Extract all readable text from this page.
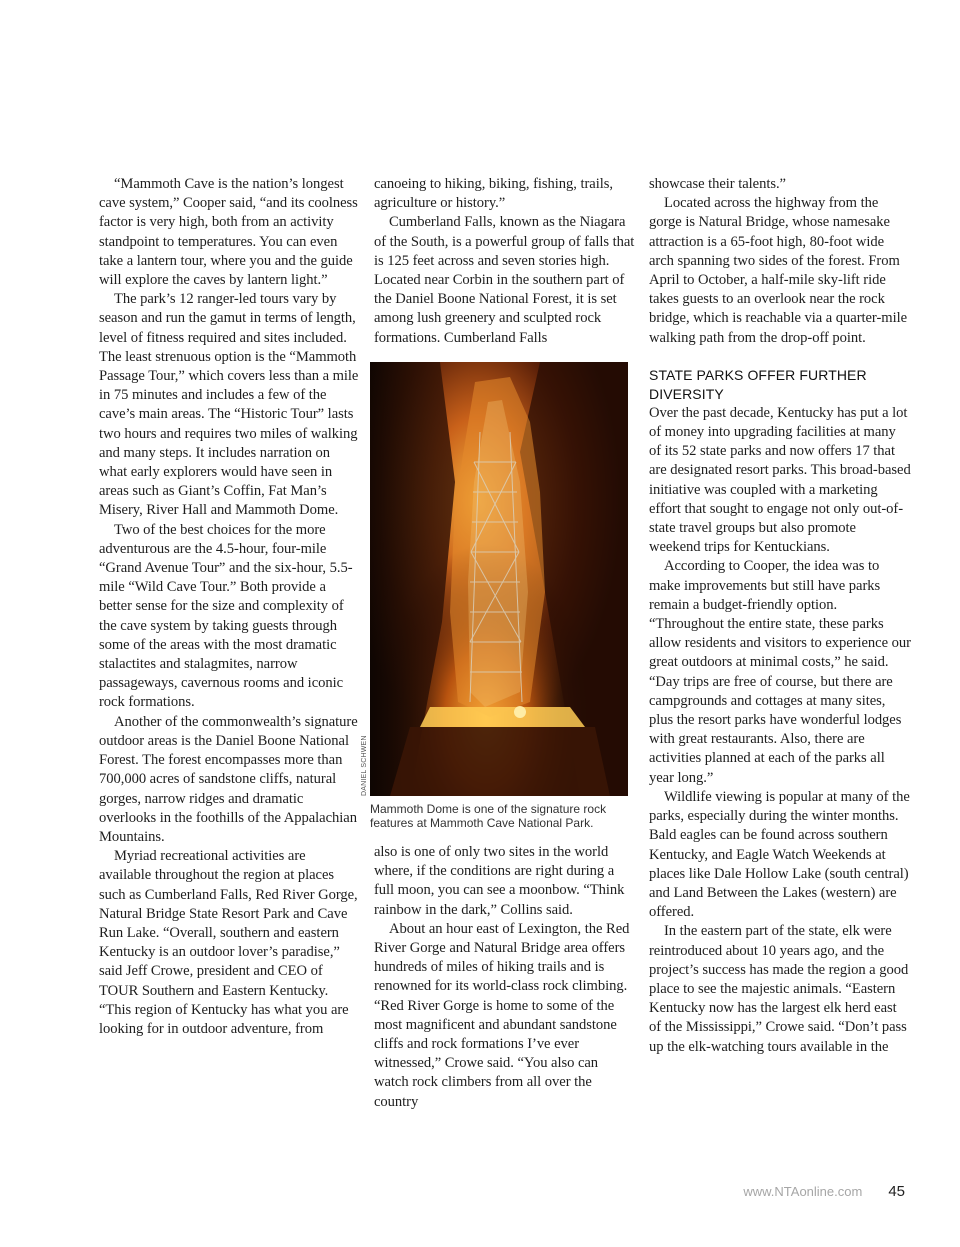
“Mammoth Cave is the nation’s longest cave system,” Cooper said, “and its coolness factor is very high, both from an activity standpoint to temperatures. You can even take a lantern tour, where you and the guide will explore the caves by lantern light.”

The park’s 12 ranger-led tours vary by season and run the gamut in terms of length, level of fitness required and sites included. The least strenuous option is the “Mammoth Passage Tour,” which covers less than a mile in 75 minutes and includes a few of the cave’s main areas. The “Historic Tour” lasts two hours and requires two miles of walking and many steps. It includes narration on what early explorers would have seen in areas such as Giant’s Coffin, Fat Man’s Misery, River Hall and Mammoth Dome.

Two of the best choices for the more adventurous are the 4.5-hour, four-mile “Grand Avenue Tour” and the six-hour, 5.5-mile “Wild Cave Tour.” Both provide a better sense for the size and complexity of the cave system by taking guests through some of the areas with the most dramatic stalactites and stalagmites, narrow passageways, cavernous rooms and iconic rock formations.

Another of the commonwealth’s signature outdoor areas is the Daniel Boone National Forest. The forest encompasses more than 700,000 acres of sandstone cliffs, natural gorges, narrow ridges and dramatic overlooks in the foothills of the Appalachian Mountains.

Myriad recreational activities are available throughout the region at places such as Cumberland Falls, Red River Gorge, Natural Bridge State Resort Park and Cave Run Lake. “Overall, southern and eastern Kentucky is an outdoor lover’s paradise,” said Jeff Crowe, president and CEO of TOUR Southern and Eastern Kentucky. “This region of Kentucky has what you are looking for in outdoor adventure, from

canoeing to hiking, biking, fishing, trails, agriculture or history.”

Cumberland Falls, known as the Niagara of the South, is a powerful group of falls that is 125 feet across and seven stories high. Located near Corbin in the southern part of the Daniel Boone National Forest, it is set among lush greenery and sculpted rock formations. Cumberland Falls

DANIEL SCHWEN
Mammoth Dome is one of the signature rock features at Mammoth Cave National Park.

also is one of only two sites in the world where, if the conditions are right during a full moon, you can see a moonbow. “Think rainbow in the dark,” Collins said.

About an hour east of Lexington, the Red River Gorge and Natural Bridge area offers hundreds of miles of hiking trails and is renowned for its world-class rock climbing. “Red River Gorge is home to some of the most magnificent and abundant sandstone cliffs and rock formations I’ve ever witnessed,” Crowe said. “You also can watch rock climbers from all over the country

showcase their talents.”

Located across the highway from the gorge is Natural Bridge, whose namesake attraction is a 65-foot high, 80-foot wide arch spanning two sides of the forest. From April to October, a half-mile sky-lift ride takes guests to an overlook near the rock bridge, which is reachable via a quarter-mile walking path from the drop-off point.

STATE PARKS OFFER FURTHER
DIVERSITY

Over the past decade, Kentucky has put a lot of money into upgrading facilities at many of its 52 state parks and now offers 17 that are designated resort parks. This broad-based initiative was coupled with a marketing effort that sought to engage not only out-of-state travel groups but also promote weekend trips for Kentuckians.

According to Cooper, the idea was to make improvements but still have parks remain a budget-friendly option. “Throughout the entire state, these parks allow residents and visitors to experience our great outdoors at minimal costs,” he said. “Day trips are free of course, but there are campgrounds and cottages at many sites, plus the resort parks have wonderful lodges with great restaurants. Also, there are activities planned at each of the parks all year long.”

Wildlife viewing is popular at many of the parks, especially during the winter months. Bald eagles can be found across southern Kentucky, and Eagle Watch Weekends at places like Dale Hollow Lake (south central) and Land Between the Lakes (western) are offered.

In the eastern part of the state, elk were reintroduced about 10 years ago, and the project’s success has made the region a good place to see the majestic animals. “Eastern Kentucky now has the largest elk herd east of the Mississippi,” Crowe said. “Don’t pass up the elk-watching tours available in the

www.NTAonline.com 45
